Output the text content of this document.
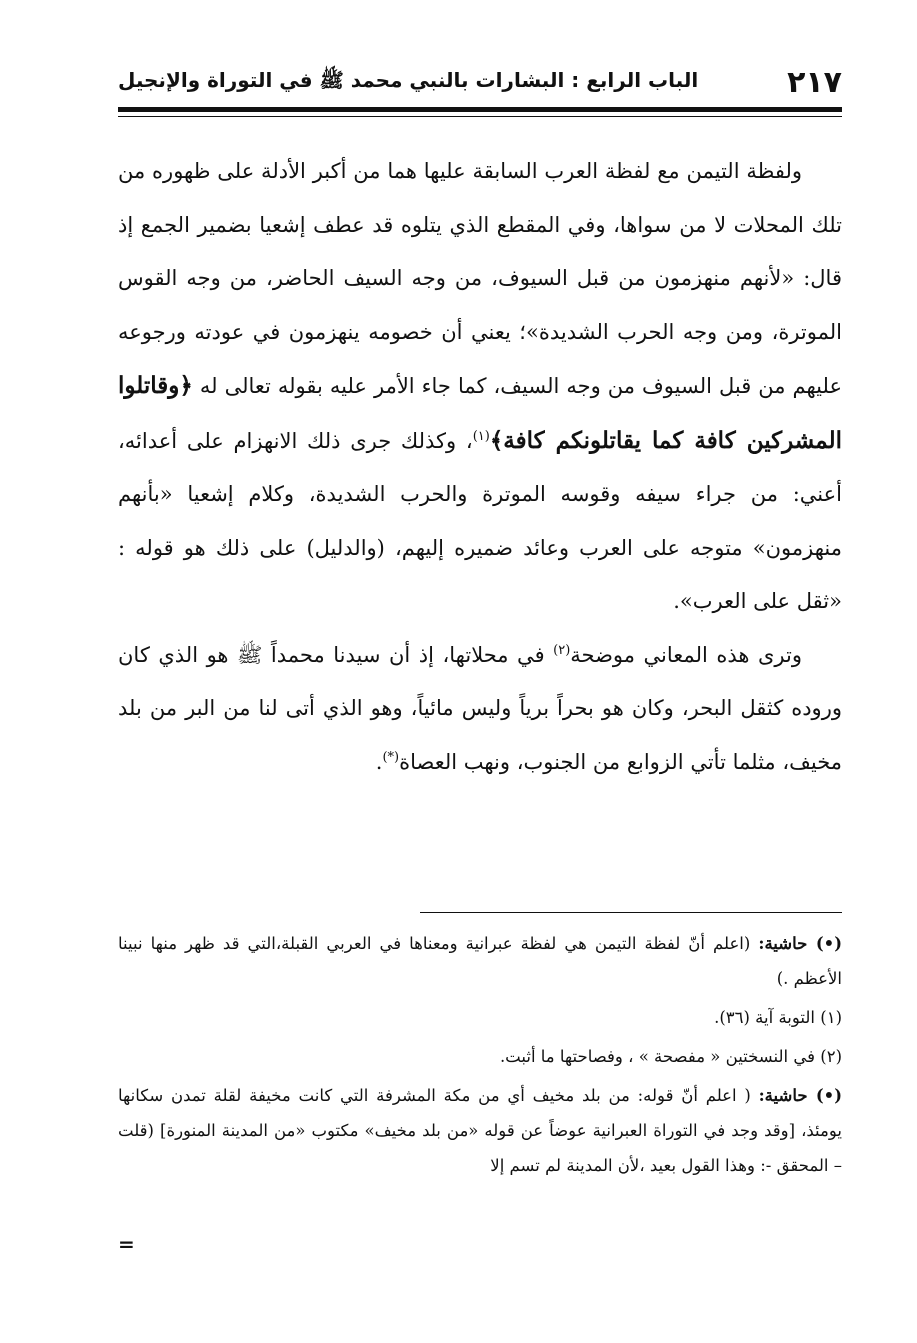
٢١٧
الباب الرابع : البشارات بالنبي محمد ﷺ في التوراة والإنجيل

ولفظة التيمن مع لفظة العرب السابقة عليها هما من أكبر الأدلة على ظهوره من تلك المحلات لا من سواها، وفي المقطع الذي يتلوه قد عطف إشعيا بضمير الجمع إذ قال: «لأنهم منهزمون من قبل السيوف، من وجه السيف الحاضر، من وجه القوس الموترة، ومن وجه الحرب الشديدة»؛ يعني أن خصومه ينهزمون في عودته ورجوعه عليهم من قبل السيوف من وجه السيف، كما جاء الأمر عليه بقوله تعالى له ﴿وقاتلوا المشركين كافة كما يقاتلونكم كافة﴾$^{(١)}$، وكذلك جرى ذلك الانهزام على أعدائه، أعني: من جراء سيفه وقوسه الموترة والحرب الشديدة، وكلام إشعيا «بأنهم منهزمون» متوجه على العرب وعائد ضميره إليهم، (والدليل) على ذلك هو قوله : «ثقل على العرب».

وترى هذه المعاني موضحة$^{(٢)}$ في محلاتها، إذ أن سيدنا محمداً ﷺ هو الذي كان وروده كثقل البحر، وكان هو بحراً برياً وليس مائياً، وهو الذي أتى لنا من البر من بلد مخيف، مثلما تأتي الزوابع من الجنوب، ونهب العصاة(*).

(•) حاشية: (اعلم أنّ لفظة التيمن هي لفظة عبرانية ومعناها في العربي القبلة،التي قد ظهر منها نبينا الأعظم .)

(١) التوبة آية (٣٦).

(٢) في النسختين « مفصحة » ، وفصاحتها ما أثبت.

(•) حاشية: ( اعلم أنّ قوله: من بلد مخيف أي من مكة المشرفة التي كانت مخيفة لقلة تمدن سكانها يومئذ، [وقد وجد في التوراة العبرانية عوضاً عن قوله «من بلد مخيف» مكتوب «من المدينة المنورة] (قلت – المحقق -: وهذا القول بعيد ،لأن المدينة لم تسم إلا

=
